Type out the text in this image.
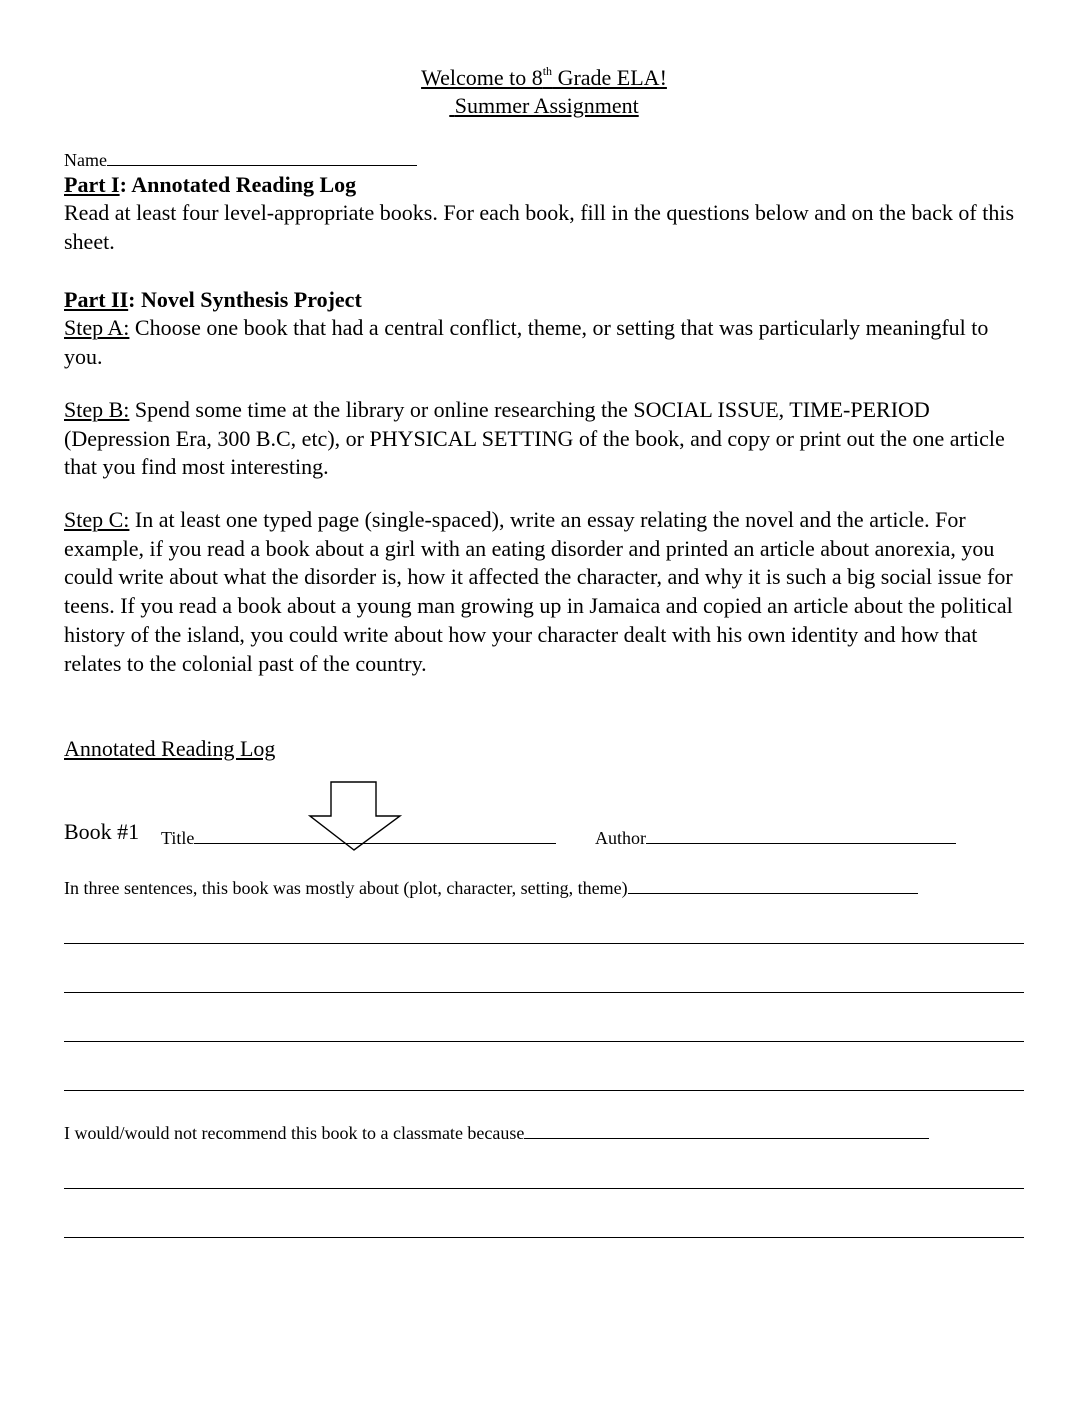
Welcome to 8th Grade ELA!
Summer Assignment
Name
Part I: Annotated Reading Log
Read at least four level-appropriate books. For each book, fill in the questions below and on the back of this sheet.
Part II: Novel Synthesis Project
Step A: Choose one book that had a central conflict, theme, or setting that was particularly meaningful to you.
Step B: Spend some time at the library or online researching the SOCIAL ISSUE, TIME-PERIOD (Depression Era, 300 B.C, etc), or PHYSICAL SETTING of the book, and copy or print out the one article that you find most interesting.
Step C: In at least one typed page (single-spaced), write an essay relating the novel and the article. For example, if you read a book about a girl with an eating disorder and printed an article about anorexia, you could write about what the disorder is, how it affected the character, and why it is such a big social issue for teens. If you read a book about a young man growing up in Jamaica and copied an article about the political history of the island, you could write about how your character dealt with his own identity and how that relates to the colonial past of the country.
Annotated Reading Log
Book #1 Title	Author
In three sentences, this book was mostly about (plot, character, setting, theme)
I would/would not recommend this book to a classmate because
